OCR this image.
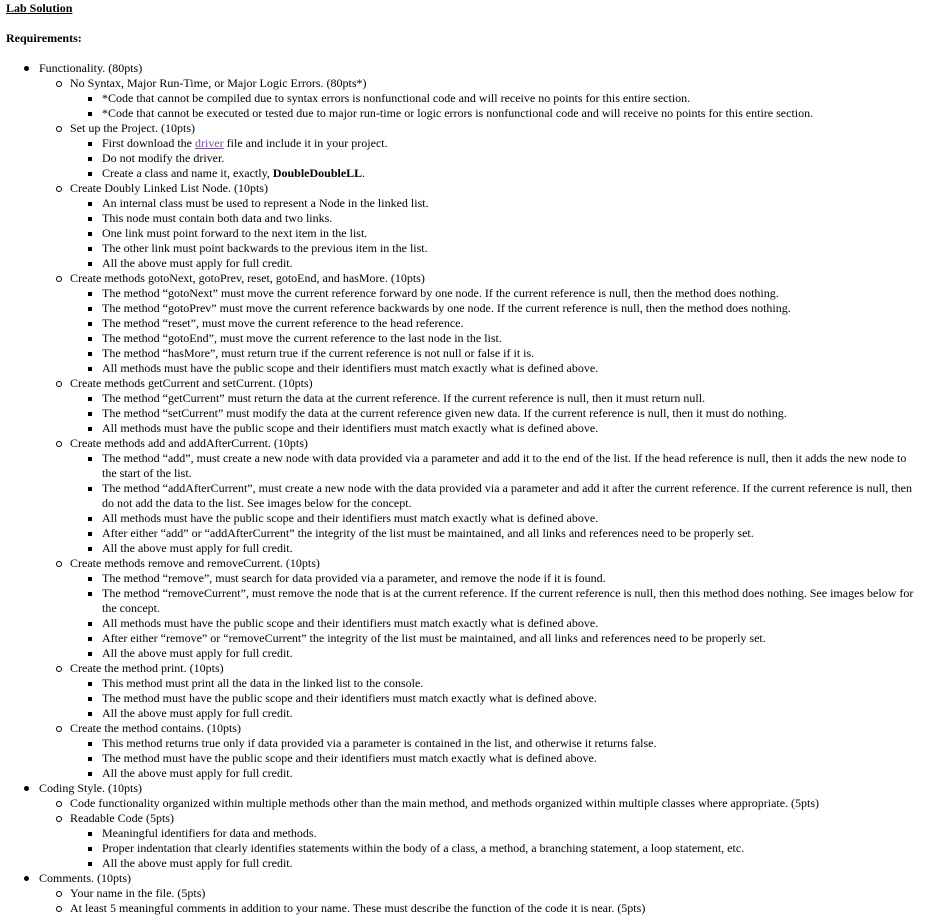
Lab Solution
Requirements:
Functionality. (80pts)
No Syntax, Major Run-Time, or Major Logic Errors. (80pts*)
*Code that cannot be compiled due to syntax errors is nonfunctional code and will receive no points for this entire section.
*Code that cannot be executed or tested due to major run-time or logic errors is nonfunctional code and will receive no points for this entire section.
Set up the Project. (10pts)
First download the driver file and include it in your project.
Do not modify the driver.
Create a class and name it, exactly, DoubleDoubleLL.
Create Doubly Linked List Node. (10pts)
An internal class must be used to represent a Node in the linked list.
This node must contain both data and two links.
One link must point forward to the next item in the list.
The other link must point backwards to the previous item in the list.
All the above must apply for full credit.
Create methods gotoNext, gotoPrev, reset, gotoEnd, and hasMore. (10pts)
The method “gotoNext” must move the current reference forward by one node. If the current reference is null, then the method does nothing.
The method “gotoPrev” must move the current reference backwards by one node. If the current reference is null, then the method does nothing.
The method “reset”, must move the current reference to the head reference.
The method “gotoEnd”, must move the current reference to the last node in the list.
The method “hasMore”, must return true if the current reference is not null or false if it is.
All methods must have the public scope and their identifiers must match exactly what is defined above.
Create methods getCurrent and setCurrent. (10pts)
The method “getCurrent” must return the data at the current reference. If the current reference is null, then it must return null.
The method “setCurrent” must modify the data at the current reference given new data. If the current reference is null, then it must do nothing.
All methods must have the public scope and their identifiers must match exactly what is defined above.
Create methods add and addAfterCurrent. (10pts)
The method “add”, must create a new node with data provided via a parameter and add it to the end of the list. If the head reference is null, then it adds the new node to the start of the list.
The method “addAfterCurrent”, must create a new node with the data provided via a parameter and add it after the current reference. If the current reference is null, then do not add the data to the list. See images below for the concept.
All methods must have the public scope and their identifiers must match exactly what is defined above.
After either “add” or “addAfterCurrent” the integrity of the list must be maintained, and all links and references need to be properly set.
All the above must apply for full credit.
Create methods remove and removeCurrent. (10pts)
The method “remove”, must search for data provided via a parameter, and remove the node if it is found.
The method “removeCurrent”, must remove the node that is at the current reference. If the current reference is null, then this method does nothing. See images below for the concept.
All methods must have the public scope and their identifiers must match exactly what is defined above.
After either “remove” or “removeCurrent” the integrity of the list must be maintained, and all links and references need to be properly set.
All the above must apply for full credit.
Create the method print. (10pts)
This method must print all the data in the linked list to the console.
The method must have the public scope and their identifiers must match exactly what is defined above.
All the above must apply for full credit.
Create the method contains. (10pts)
This method returns true only if data provided via a parameter is contained in the list, and otherwise it returns false.
The method must have the public scope and their identifiers must match exactly what is defined above.
All the above must apply for full credit.
Coding Style. (10pts)
Code functionality organized within multiple methods other than the main method, and methods organized within multiple classes where appropriate. (5pts)
Readable Code (5pts)
Meaningful identifiers for data and methods.
Proper indentation that clearly identifies statements within the body of a class, a method, a branching statement, a loop statement, etc.
All the above must apply for full credit.
Comments. (10pts)
Your name in the file. (5pts)
At least 5 meaningful comments in addition to your name. These must describe the function of the code it is near. (5pts)
